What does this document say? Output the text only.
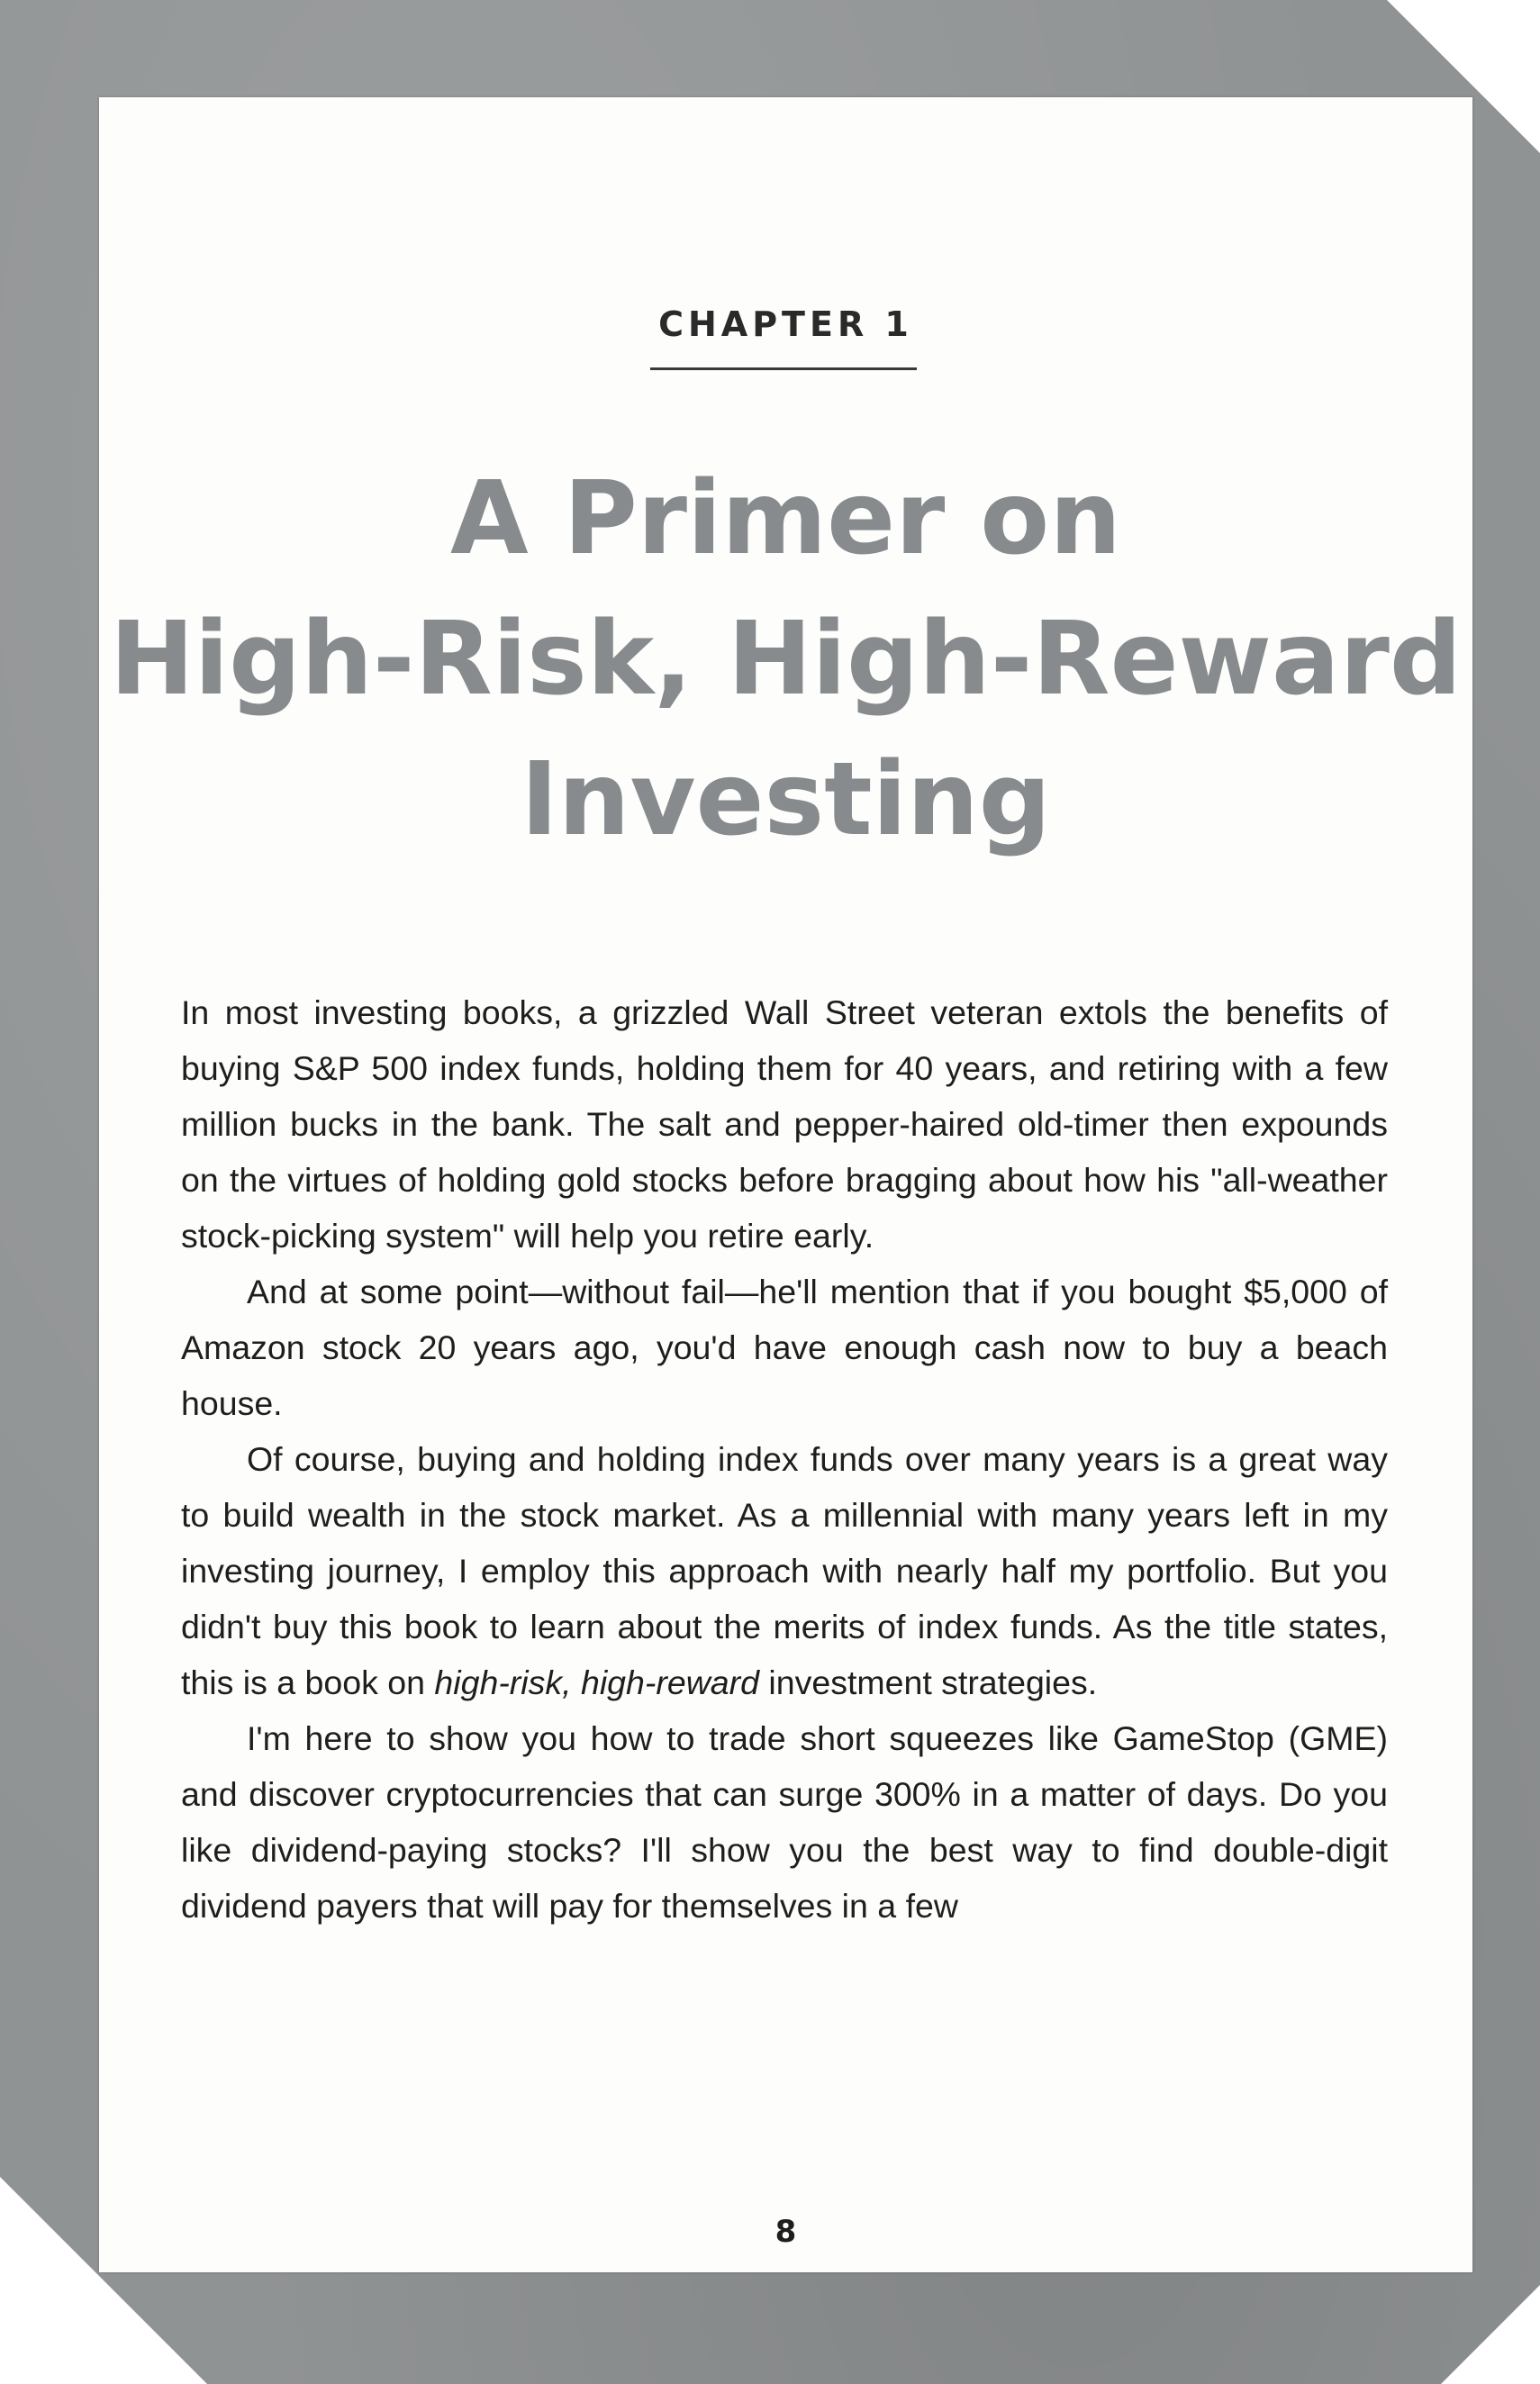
CHAPTER 1
A Primer on
High-Risk, High-Reward
Investing

In most investing books, a grizzled Wall Street veteran extols the benefits of buying S&P 500 index funds, holding them for 40 years, and retiring with a few million bucks in the bank. The salt and pepper-haired old-timer then expounds on the virtues of holding gold stocks before bragging about how his "all-weather stock-picking system" will help you retire early.

And at some point—without fail—he'll mention that if you bought $5,000 of Amazon stock 20 years ago, you'd have enough cash now to buy a beach house.

Of course, buying and holding index funds over many years is a great way to build wealth in the stock market. As a millennial with many years left in my investing journey, I employ this approach with nearly half my portfolio. But you didn't buy this book to learn about the merits of index funds. As the title states, this is a book on high-risk, high-reward investment strategies.

I'm here to show you how to trade short squeezes like GameStop (GME) and discover cryptocurrencies that can surge 300% in a matter of days. Do you like dividend-paying stocks? I'll show you the best way to find double-digit dividend payers that will pay for themselves in a few

8
